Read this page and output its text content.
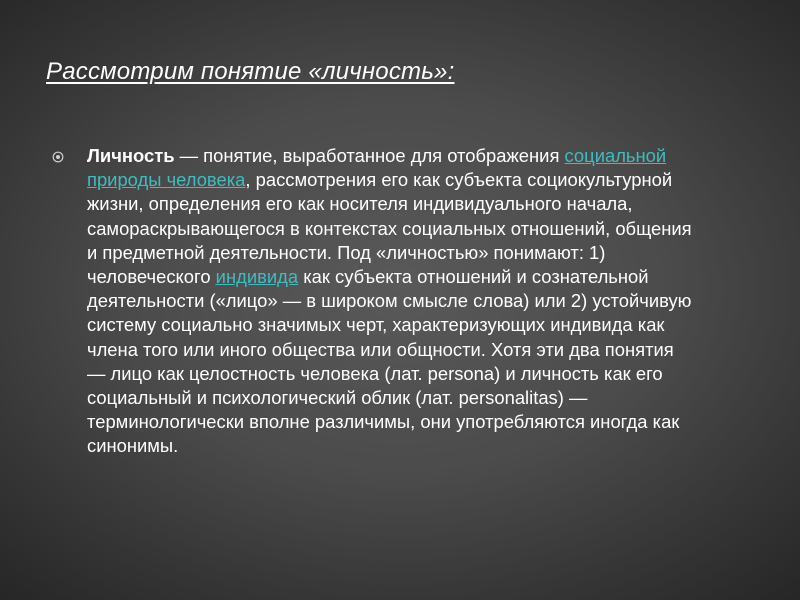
Рассмотрим понятие «личность»:

Личность — понятие, выработанное для отображения социальной природы человека, рассмотрения его как субъекта социокультурной жизни, определения его как носителя индивидуального начала, самораскрывающегося в контекстах социальных отношений, общения и предметной деятельности. Под «личностью» понимают: 1) человеческого индивида как субъекта отношений и сознательной деятельности («лицо» — в широком смысле слова) или 2) устойчивую систему социально значимых черт, характеризующих индивида как члена того или иного общества или общности. Хотя эти два понятия — лицо как целостность человека (лат. persona) и личность как его социальный и психологический облик (лат. personalitas) — терминологически вполне различимы, они употребляются иногда как синонимы.
